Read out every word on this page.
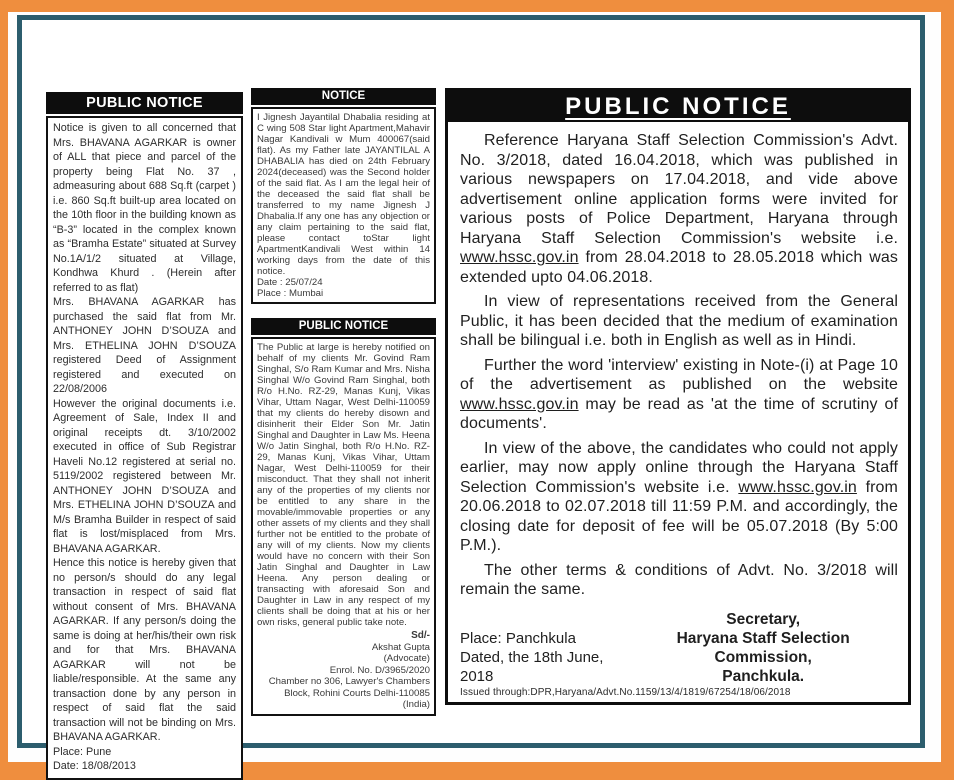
PUBLIC NOTICE

Notice is given to all concerned that Mrs. BHAVANA AGARKAR is owner of ALL that piece and parcel of the property being Flat No. 37 , admeasuring about 688 Sq.ft (carpet ) i.e. 860 Sq.ft built-up area located on the 10th floor in the building known as “B-3” located in the complex known as “Bramha Estate” situated at Survey No.1A/1/2 situated at Village, Kondhwa Khurd . (Herein after referred to as flat)

Mrs. BHAVANA AGARKAR has purchased the said flat from Mr. ANTHONEY JOHN D’SOUZA and Mrs. ETHELINA JOHN D’SOUZA registered Deed of Assignment registered and executed on 22/08/2006

However the original documents i.e. Agreement of Sale, Index II and original receipts dt. 3/10/2002 executed in office of Sub Registrar Haveli No.12 registered at serial no. 5119/2002 registered between Mr. ANTHONEY JOHN D’SOUZA and Mrs. ETHELINA JOHN D’SOUZA and M/s Bramha Builder in respect of said flat is lost/misplaced from Mrs. BHAVANA AGARKAR.

Hence this notice is hereby given that no person/s should do any legal transaction in respect of said flat without consent of Mrs. BHAVANA AGARKAR. If any person/s doing the same is doing at her/his/their own risk and for that Mrs. BHAVANA AGARKAR will not be liable/responsible. At the same any transaction done by any person in respect of said flat the said transaction will not be binding on Mrs. BHAVANA AGARKAR.

Place: Pune

Date: 18/08/2013

NOTICE

I Jignesh Jayantilal Dhabalia residing at C wing 508 Star light Apartment,Mahavir Nagar Kandivali w Mum 400067(said flat). As my Father late JAYANTILAL A DHABALIA has died on 24th February 2024(deceased) was the Second holder of the said flat. As I am the legal heir of the deceased the said flat shall be transferred to my name Jignesh J Dhabalia.If any one has any objection or any claim pertaining to the said flat, please contact toStar light ApartmentKandivali West within 14 working days from the date of this notice.

Date : 25/07/24

Place : Mumbai

PUBLIC NOTICE

The Public at large is hereby notified on behalf of my clients Mr. Govind Ram Singhal, S/o Ram Kumar and Mrs. Nisha Singhal W/o Govind Ram Singhal, both R/o H.No. RZ-29, Manas Kunj, Vikas Vihar, Uttam Nagar, West Delhi-110059 that my clients do hereby disown and disinherit their Elder Son Mr. Jatin Singhal and Daughter in Law Ms. Heena W/o Jatin Singhal, both R/o H.No. RZ-29, Manas Kunj, Vikas Vihar, Uttam Nagar, West Delhi-110059 for their misconduct. That they shall not inherit any of the properties of my clients nor be entitled to any share in the movable/immovable properties or any other assets of my clients and they shall further not be entitled to the probate of any will of my clients. Now my clients would have no concern with their Son Jatin Singhal and Daughter in Law Heena. Any person dealing or transacting with aforesaid Son and Daughter in Law in any respect of my clients shall be doing that at his or her own risks, general public take note.

Sd/-

Akshat Gupta

(Advocate)

Enrol. No. D/3965/2020

Chamber no 306, Lawyer's Chambers

Block, Rohini Courts Delhi-110085 (India)

PUBLIC NOTICE

Reference Haryana Staff Selection Commission's Advt. No. 3/2018, dated 16.04.2018, which was published in various newspapers on 17.04.2018, and vide above advertisement online application forms were invited for various posts of Police Department, Haryana through Haryana Staff Selection Commission's website i.e. www.hssc.gov.in from 28.04.2018 to 28.05.2018 which was extended upto 04.06.2018.

In view of representations received from the General Public, it has been decided that the medium of examination shall be bilingual i.e. both in English as well as in Hindi.

Further the word 'interview' existing in Note-(i) at Page 10 of the advertisement as published on the website www.hssc.gov.in may be read as 'at the time of scrutiny of documents'.

In view of the above, the candidates who could not apply earlier, may now apply online through the Haryana Staff Selection Commission's website i.e. www.hssc.gov.in from 20.06.2018 to 02.07.2018 till 11:59 P.M. and accordingly, the closing date for deposit of fee will be 05.07.2018 (By 5:00 P.M.).

The other terms & conditions of Advt. No. 3/2018 will remain the same.

Place: Panchkula

Dated, the 18th June, 2018

Secretary,

Haryana Staff Selection Commission,

Panchkula.

Issued through:DPR,Haryana/Advt.No.1159/13/4/1819/67254/18/06/2018
